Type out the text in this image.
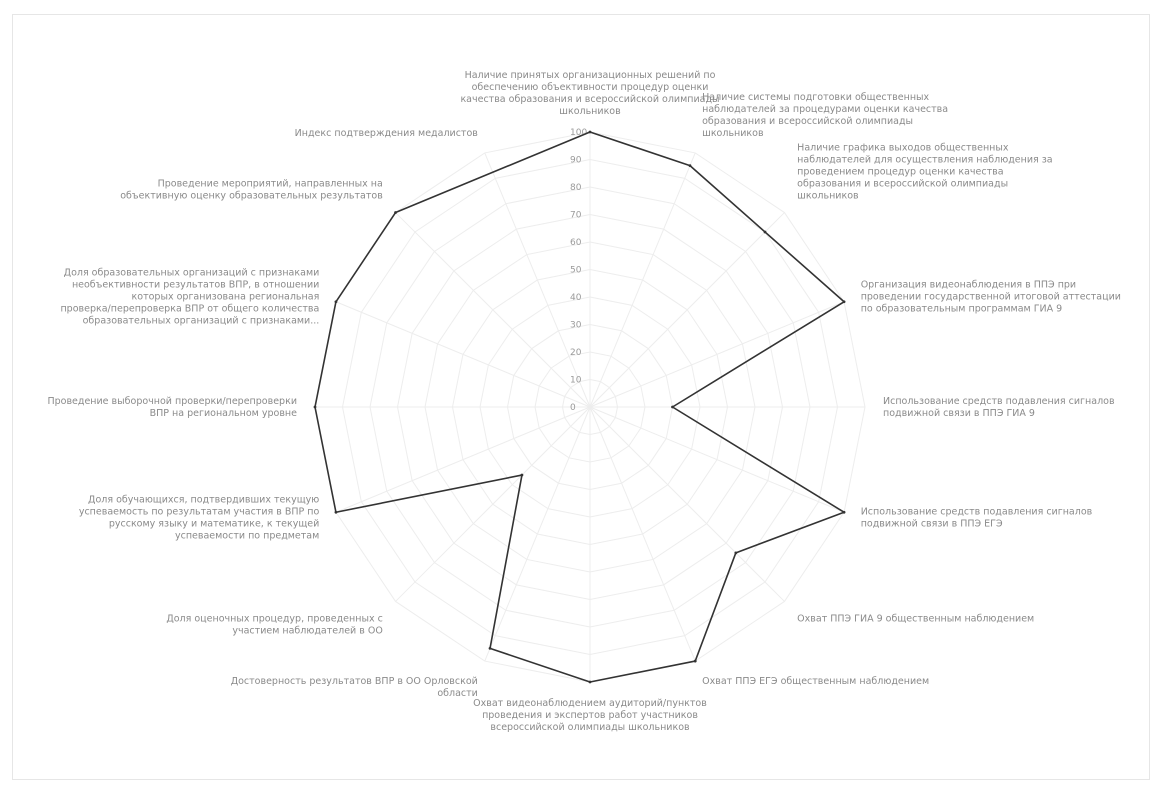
0
10
20
30
40
50
60
70
80
90
100
Наличие принятых организационных решений по обеспечению объективности процедур оценки качества образования и всероссийской олимпиады школьников
Наличие системы подготовки общественных наблюдателей за процедурами оценки качества образования и всероссийской олимпиады школьников
Наличие графика выходов общественных наблюдателей для осуществления наблюдения за проведением процедур оценки качества образования и всероссийской олимпиады школьников
Организация видеонаблюдения в ППЭ при проведении государственной итоговой аттестации по образовательным программам ГИА 9
Использование средств подавления сигналов подвижной связи в ППЭ ГИА 9
Использование средств подавления сигналов подвижной связи в ППЭ ЕГЭ
Охват ППЭ ГИА 9 общественным наблюдением
Охват ППЭ ЕГЭ общественным наблюдением
Охват видеонаблюдением аудиторий/пунктов проведения и экспертов работ участников всероссийской олимпиады школьников
Достоверность результатов ВПР в ОО Орловской области
Доля оценочных процедур, проведенных с участием наблюдателей в ОО
Доля обучающихся, подтвердивших текущую успеваемость по результатам участия в ВПР по русскому языку и математике, к текущей успеваемости по предметам
Проведение выборочной проверки/перепроверки ВПР на региональном уровне
Доля образовательных организаций с признаками необъективности результатов ВПР, в отношении которых организована региональная проверка/перепроверка ВПР от общего количества образовательных организаций с признаками...
Проведение мероприятий, направленных на объективную оценку образовательных результатов
Индекс подтверждения медалистов
